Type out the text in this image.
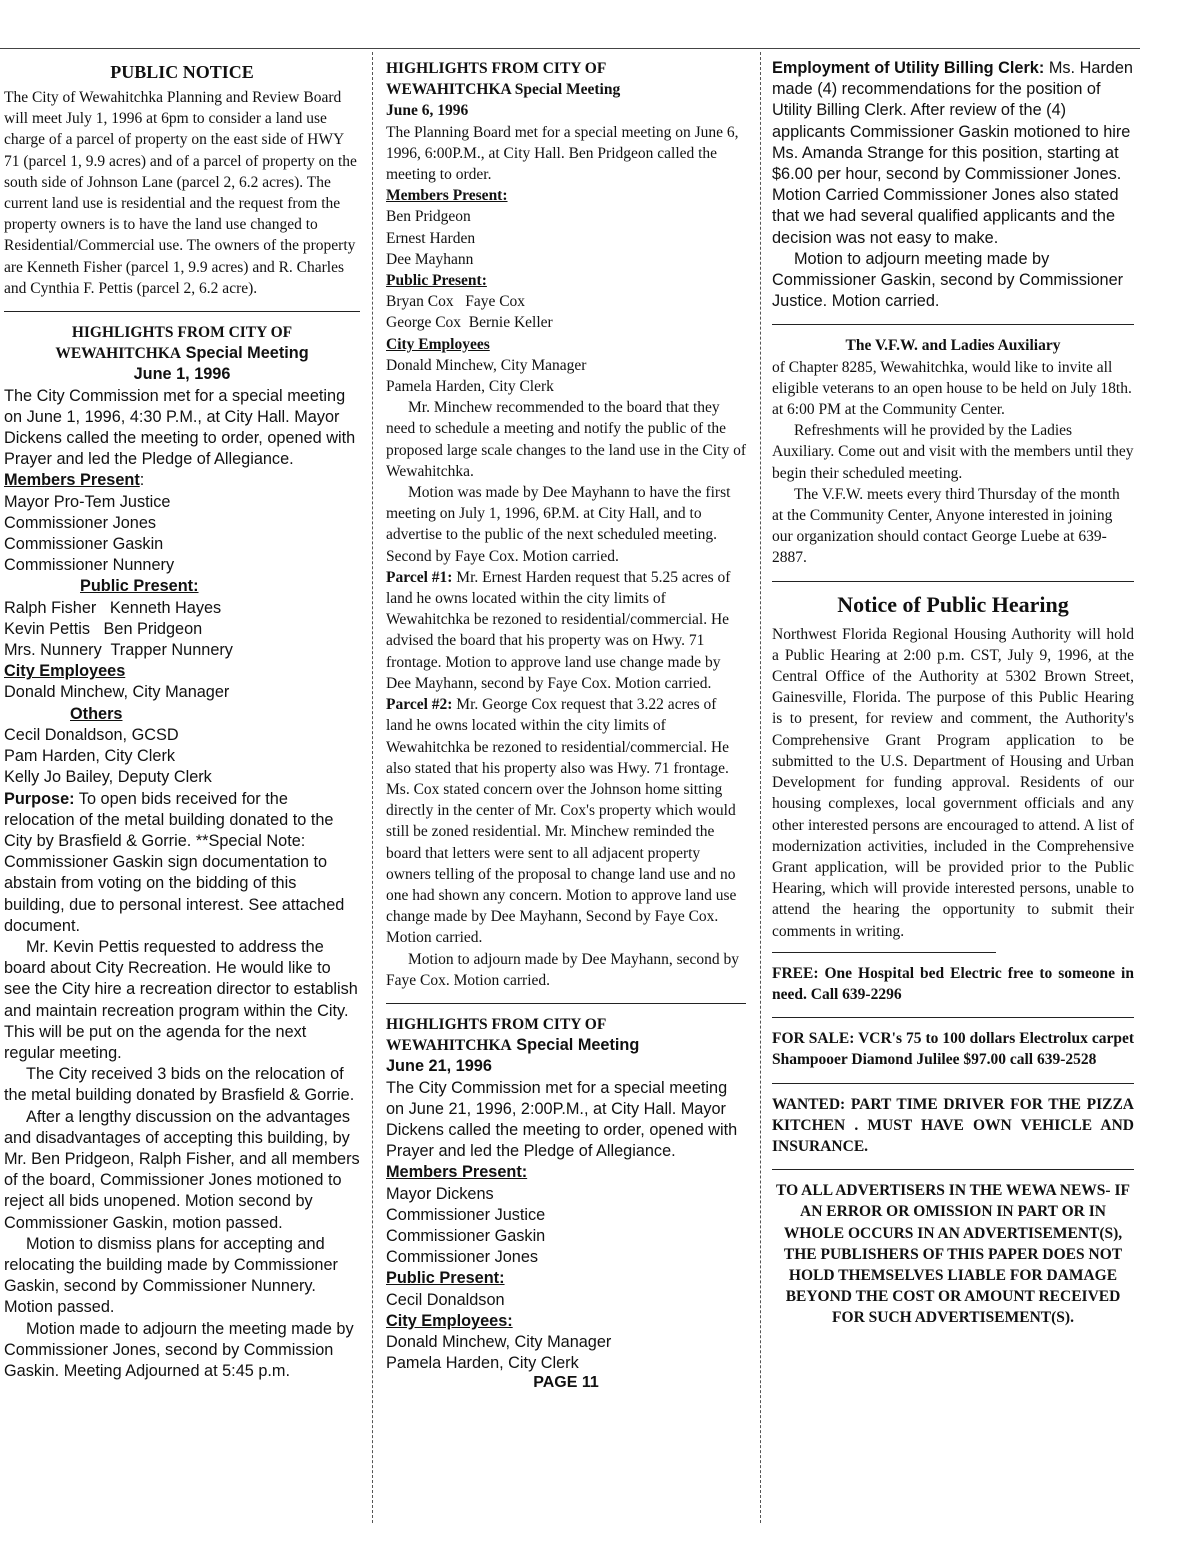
PUBLIC NOTICE

The City of Wewahitchka Planning and Review Board will meet July 1, 1996 at 6pm to consider a land use charge of a parcel of property on the east side of HWY 71 (parcel 1, 9.9 acres) and of a parcel of property on the south side of Johnson Lane (parcel 2, 6.2 acres). The current land use is residential and the request from the property owners is to have the land use changed to Residential/Commercial use. The owners of the property are Kenneth Fisher (parcel 1, 9.9 acres) and R. Charles and Cynthia F. Pettis (parcel 2, 6.2 acre).

HIGHLIGHTS FROM CITY OF
WEWAHITCHKA Special Meeting
June 1, 1996

The City Commission met for a special meeting on June 1, 1996, 4:30 P.M., at City Hall. Mayor Dickens called the meeting to order, opened with Prayer and led the Pledge of Allegiance.

Members Present:
Mayor Pro-Tem Justice
Commissioner Jones
Commissioner Gaskin
Commissioner Nunnery
Public Present:
Ralph Fisher   Kenneth Hayes
Kevin Pettis   Ben Pridgeon
Mrs. Nunnery  Trapper Nunnery
City Employees
Donald Minchew, City Manager
Others
Cecil Donaldson, GCSD
Pam Harden, City Clerk
Kelly Jo Bailey, Deputy Clerk

Purpose: To open bids received for the relocation of the metal building donated to the City by Brasfield & Gorrie. **Special Note: Commissioner Gaskin sign documentation to abstain from voting on the bidding of this building, due to personal interest. See attached document.

Mr. Kevin Pettis requested to address the board about City Recreation. He would like to see the City hire a recreation director to establish and maintain recreation program within the City. This will be put on the agenda for the next regular meeting.

The City received 3 bids on the relocation of the metal building donated by Brasfield & Gorrie.

After a lengthy discussion on the advantages and disadvantages of accepting this building, by Mr. Ben Pridgeon, Ralph Fisher, and all members of the board, Commissioner Jones motioned to reject all bids unopened. Motion second by Commissioner Gaskin, motion passed.

Motion to dismiss plans for accepting and relocating the building made by Commissioner Gaskin, second by Commissioner Nunnery. Motion passed.

Motion made to adjourn the meeting made by Commissioner Jones, second by Commission Gaskin. Meeting Adjourned at 5:45 p.m.

HIGHLIGHTS FROM CITY OF
WEWAHITCHKA Special Meeting
June 6, 1996

The Planning Board met for a special meeting on June 6, 1996, 6:00P.M., at City Hall. Ben Pridgeon called the meeting to order.

Members Present:
Ben Pridgeon
Ernest Harden
Dee Mayhann
Public Present:
Bryan Cox   Faye Cox
George Cox  Bernie Keller
City Employees
Donald Minchew, City Manager
Pamela Harden, City Clerk

Mr. Minchew recommended to the board that they need to schedule a meeting and notify the public of the proposed large scale changes to the land use in the City of Wewahitchka.

Motion was made by Dee Mayhann to have the first meeting on July 1, 1996, 6P.M. at City Hall, and to advertise to the public of the next scheduled meeting. Second by Faye Cox. Motion carried.

Parcel #1: Mr. Ernest Harden request that 5.25 acres of land he owns located within the city limits of Wewahitchka be rezoned to residential/commercial. He advised the board that his property was on Hwy. 71 frontage. Motion to approve land use change made by Dee Mayhann, second by Faye Cox. Motion carried.

Parcel #2: Mr. George Cox request that 3.22 acres of land he owns located within the city limits of Wewahitchka be rezoned to residential/commercial. He also stated that his property also was Hwy. 71 frontage. Ms. Cox stated concern over the Johnson home sitting directly in the center of Mr. Cox's property which would still be zoned residential. Mr. Minchew reminded the board that letters were sent to all adjacent property owners telling of the proposal to change land use and no one had shown any concern. Motion to approve land use change made by Dee Mayhann, Second by Faye Cox. Motion carried.

Motion to adjourn made by Dee Mayhann, second by Faye Cox. Motion carried.

HIGHLIGHTS FROM CITY OF
WEWAHITCHKA Special Meeting
June 21, 1996

The City Commission met for a special meeting on June 21, 1996, 2:00P.M., at City Hall. Mayor Dickens called the meeting to order, opened with Prayer and led the Pledge of Allegiance.

Members Present:
Mayor Dickens
Commissioner Justice
Commissioner Gaskin
Commissioner Jones
Public Present:
Cecil Donaldson
City Employees:
Donald Minchew, City Manager
Pamela Harden, City Clerk
PAGE 11

Employment of Utility Billing Clerk: Ms. Harden made (4) recommendations for the position of Utility Billing Clerk. After review of the (4) applicants Commissioner Gaskin motioned to hire Ms. Amanda Strange for this position, starting at $6.00 per hour, second by Commissioner Jones. Motion Carried Commissioner Jones also stated that we had several qualified applicants and the decision was not easy to make.

Motion to adjourn meeting made by Commissioner Gaskin, second by Commissioner Justice. Motion carried.

The V.F.W. and Ladies Auxiliary

of Chapter 8285, Wewahitchka, would like to invite all eligible veterans to an open house to be held on July 18th. at 6:00 PM at the Community Center.

Refreshments will he provided by the Ladies Auxiliary. Come out and visit with the members until they begin their scheduled meeting.

The V.F.W. meets every third Thursday of the month at the Community Center, Anyone interested in joining our organization should contact George Luebe at 639-2887.

Notice of Public Hearing

Northwest Florida Regional Housing Authority will hold a Public Hearing at 2:00 p.m. CST, July 9, 1996, at the Central Office of the Authority at 5302 Brown Street, Gainesville, Florida. The purpose of this Public Hearing is to present, for review and comment, the Authority's Comprehensive Grant Program application to be submitted to the U.S. Department of Housing and Urban Development for funding approval. Residents of our housing complexes, local government officials and any other interested persons are encouraged to attend. A list of modernization activities, included in the Comprehensive Grant application, will be provided prior to the Public Hearing, which will provide interested persons, unable to attend the hearing the opportunity to submit their comments in writing.

FREE: One Hospital bed Electric free to someone in need. Call 639-2296

FOR SALE: VCR's 75 to 100 dollars Electrolux carpet Shampooer Diamond Julilee $97.00 call 639-2528

WANTED: PART TIME DRIVER FOR THE PIZZA KITCHEN . MUST HAVE OWN VEHICLE AND INSURANCE.

TO ALL ADVERTISERS IN THE WEWA NEWS- IF AN ERROR OR OMISSION IN PART OR IN WHOLE OCCURS IN AN ADVERTISEMENT(S), THE PUBLISHERS OF THIS PAPER DOES NOT HOLD THEMSELVES LIABLE FOR DAMAGE BEYOND THE COST OR AMOUNT RECEIVED FOR SUCH ADVERTISEMENT(S).
